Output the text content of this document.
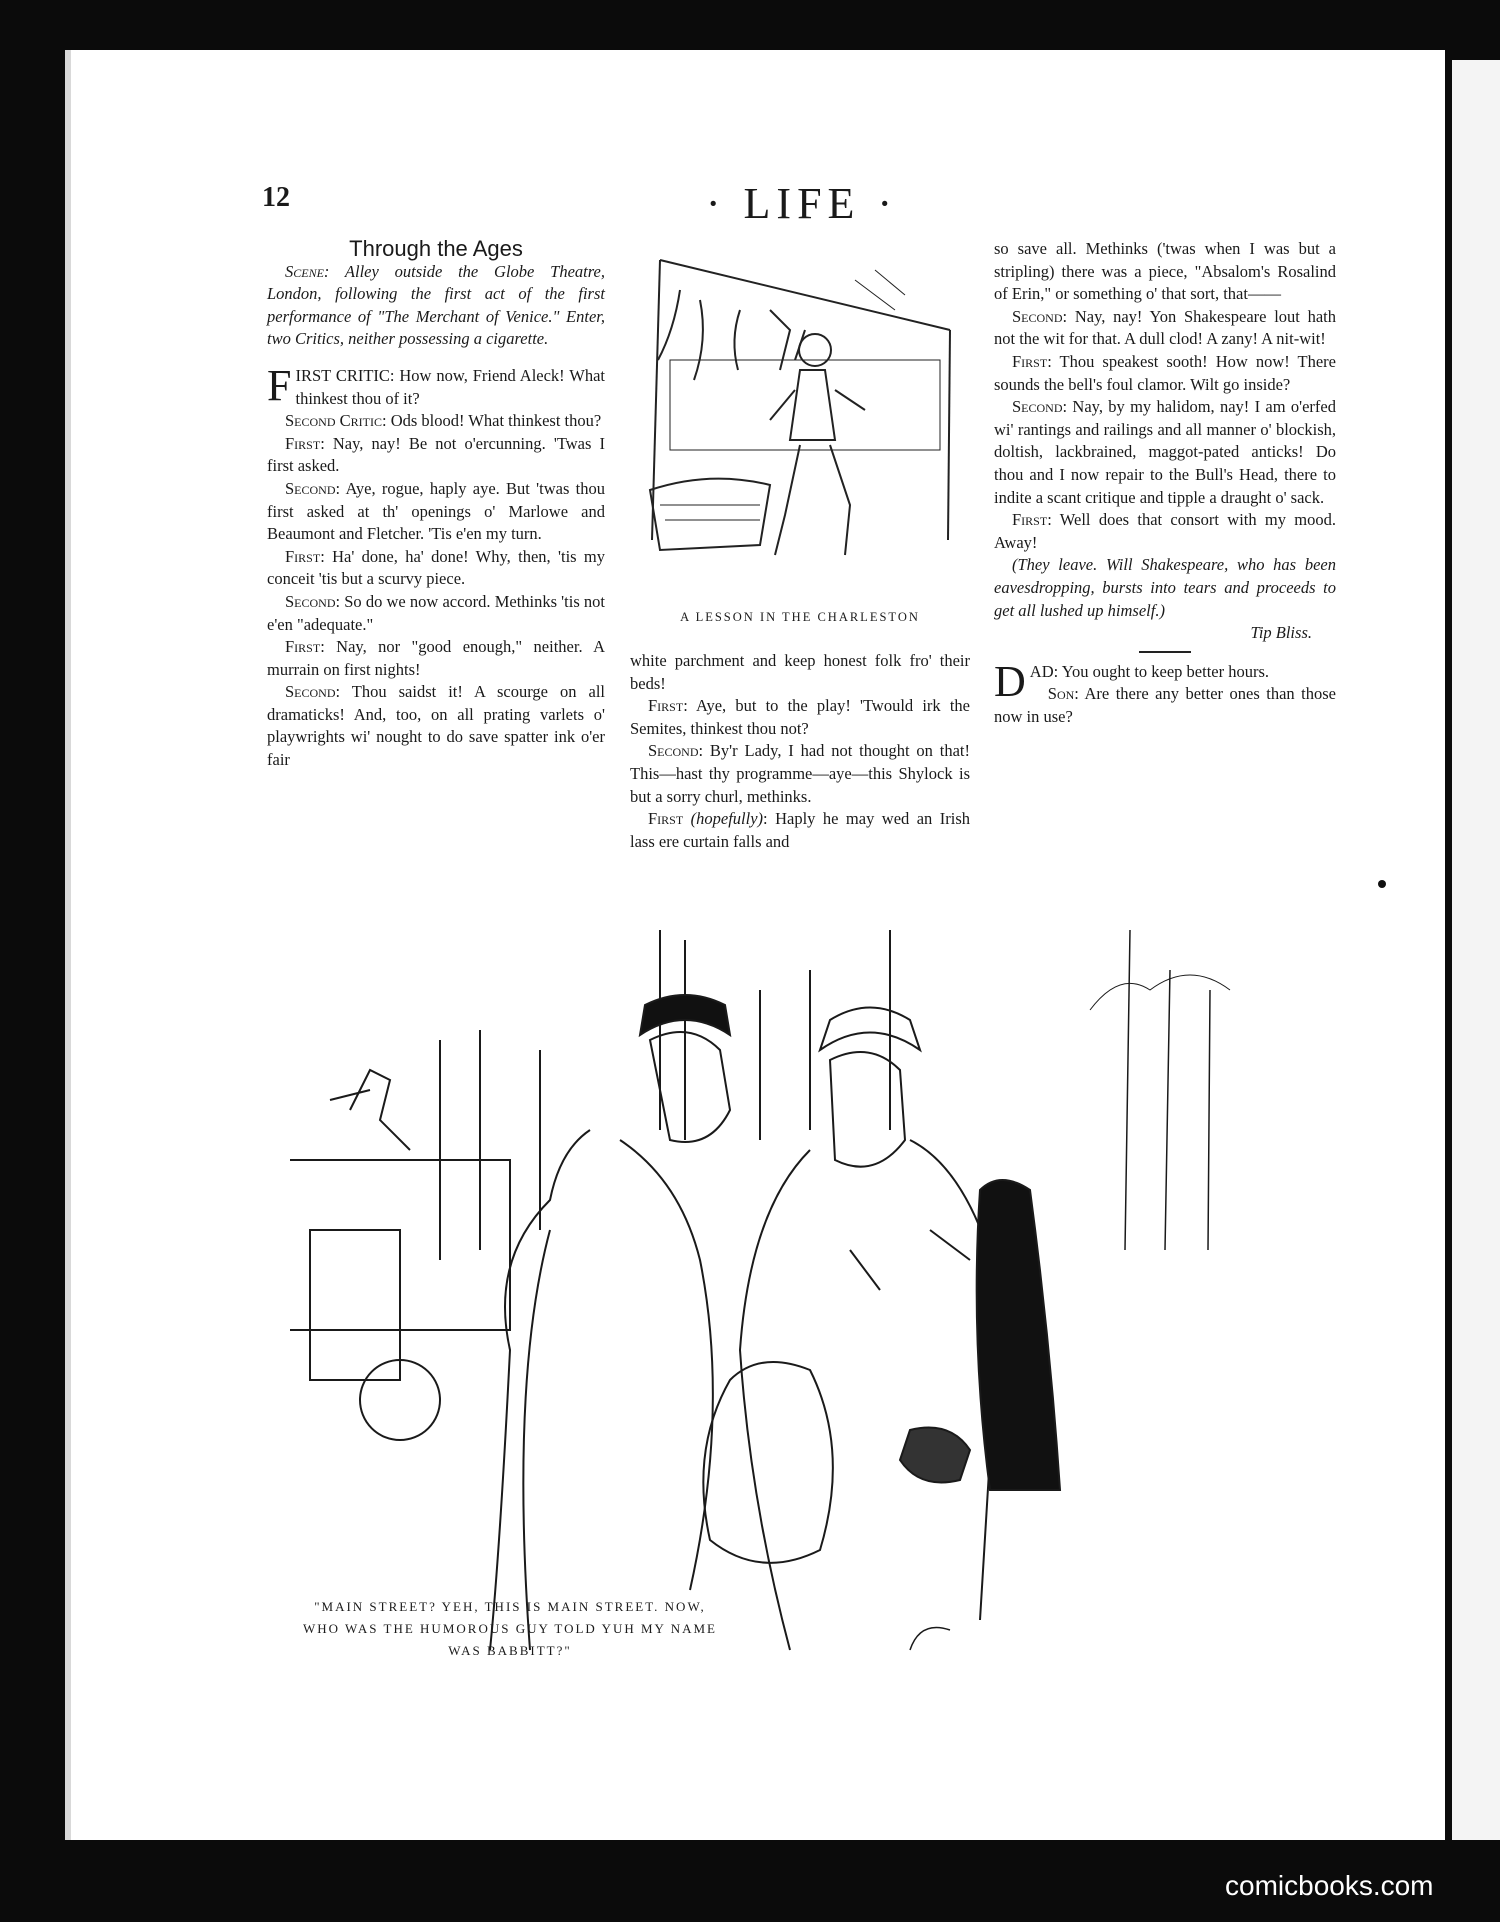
12	· LIFE ·

Through the Ages

Scene: Alley outside the Globe Theatre, London, following the first act of the first performance of "The Merchant of Venice." Enter, two Critics, neither possessing a cigarette.

FIRST CRITIC: How now, Friend Aleck! What thinkest thou of it?

Second Critic: Ods blood! What thinkest thou?

First: Nay, nay! Be not o'ercunning. 'Twas I first asked.

Second: Aye, rogue, haply aye. But 'twas thou first asked at th' openings o' Marlowe and Beaumont and Fletcher. 'Tis e'en my turn.

First: Ha' done, ha' done! Why, then, 'tis my conceit 'tis but a scurvy piece.

Second: So do we now accord. Methinks 'tis not e'en "adequate."

First: Nay, nor "good enough," neither. A murrain on first nights!

Second: Thou saidst it! A scourge on all dramaticks! And, too, on all prating varlets o' playwrights wi' nought to do save spatter ink o'er fair

A LESSON IN THE CHARLESTON

white parchment and keep honest folk fro' their beds!

First: Aye, but to the play! 'Twould irk the Semites, thinkest thou not?

Second: By'r Lady, I had not thought on that! This—hast thy programme—aye—this Shylock is but a sorry churl, methinks.

First (hopefully): Haply he may wed an Irish lass ere curtain falls and

so save all. Methinks ('twas when I was but a stripling) there was a piece, "Absalom's Rosalind of Erin," or something o' that sort, that——

Second: Nay, nay! Yon Shakespeare lout hath not the wit for that. A dull clod! A zany! A nit-wit!

First: Thou speakest sooth! How now! There sounds the bell's foul clamor. Wilt go inside?

Second: Nay, by my halidom, nay! I am o'erfed wi' rantings and railings and all manner o' blockish, doltish, lackbrained, maggot-pated anticks! Do thou and I now repair to the Bull's Head, there to indite a scant critique and tipple a draught o' sack.

First: Well does that consort with my mood. Away!

(They leave. Will Shakespeare, who has been eavesdropping, bursts into tears and proceeds to get all lushed up himself.)

Tip Bliss.

DAD: You ought to keep better hours.

Son: Are there any better ones than those now in use?

"MAIN STREET? YEH, THIS IS MAIN STREET. NOW, WHO WAS THE HUMOROUS GUY TOLD YUH MY NAME WAS BABBITT?"
comicbooks.com
